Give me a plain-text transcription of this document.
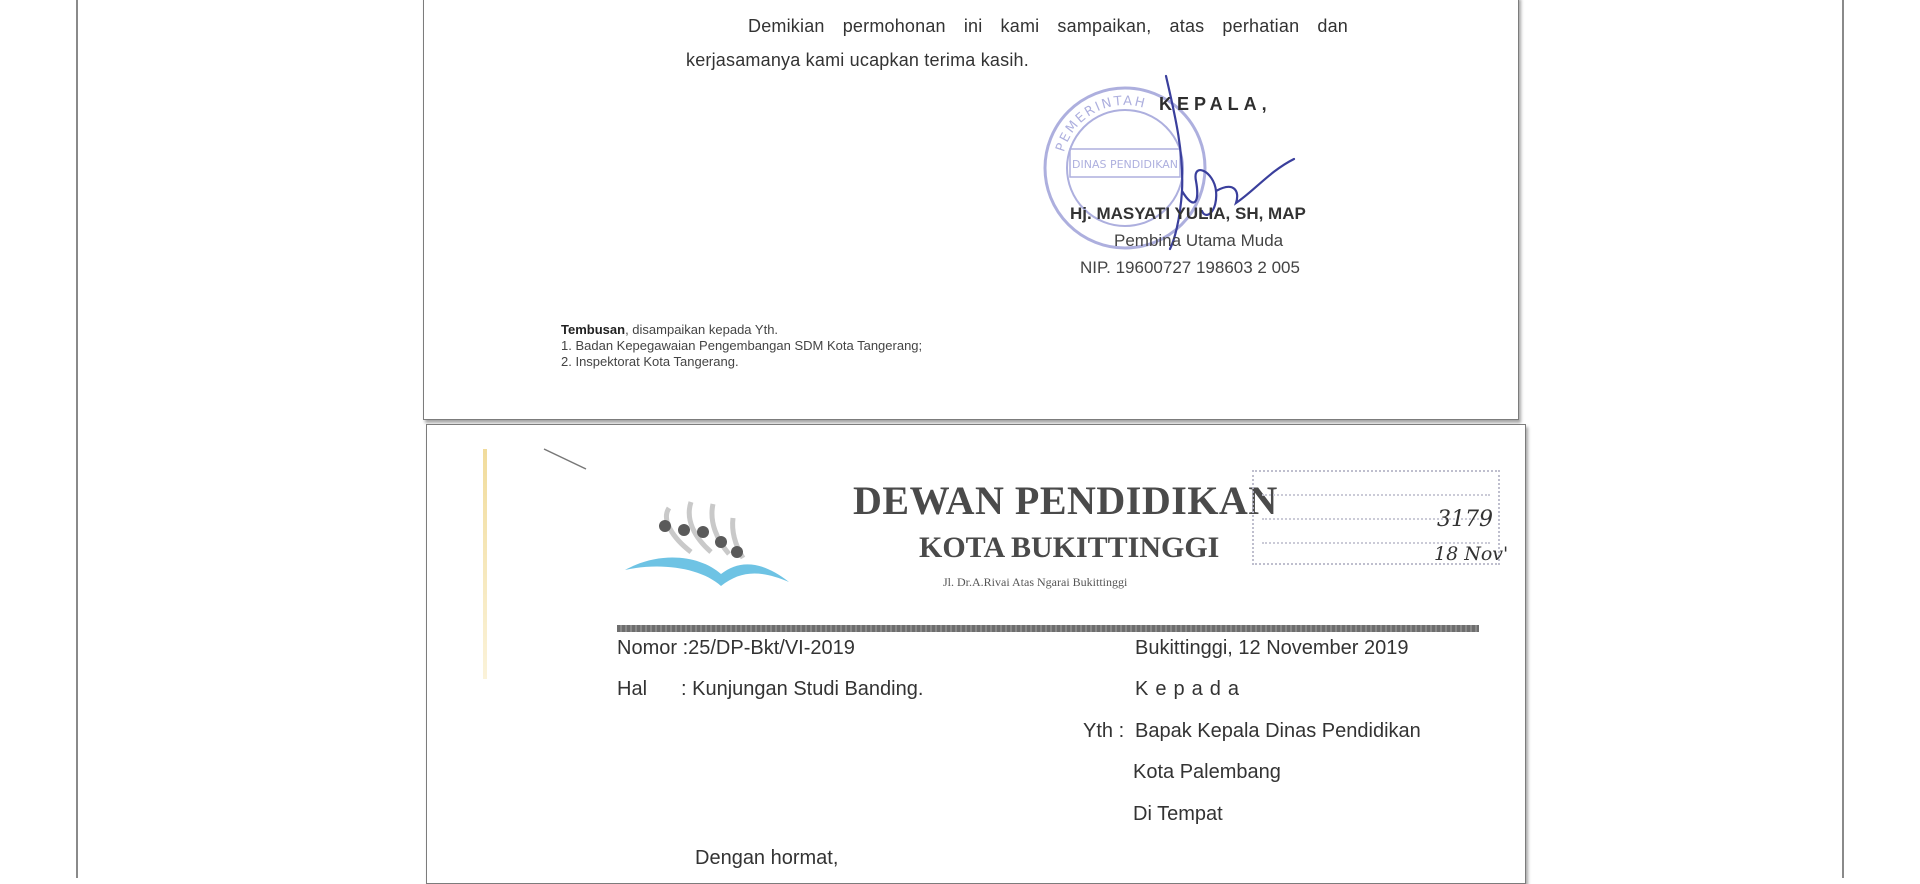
Demikian permohonan ini kami sampaikan, atas perhatian dan kerjasamanya kami ucapkan terima kasih.
PEMERINTAH
DINAS PENDIDIKAN
KEPALA,
Hj. MASYATI YULIA, SH, MAP
Pembina Utama Muda
NIP. 19600727 198603 2 005
Tembusan, disampaikan kepada Yth.
1. Badan Kepegawaian Pengembangan SDM Kota Tangerang;
2. Inspektorat Kota Tangerang.
DEWAN PENDIDIKAN
KOTA BUKITTINGGI
Jl. Dr.A.Rivai Atas Ngarai Bukittinggi
3179
18 Nov'
Nomor :25/DP-Bkt/VI-2019
Hal : Kunjungan Studi Banding.
Bukittinggi, 12 November 2019
Kepada
Yth : Bapak Kepala Dinas Pendidikan
Kota Palembang
Di Tempat
Dengan hormat,
